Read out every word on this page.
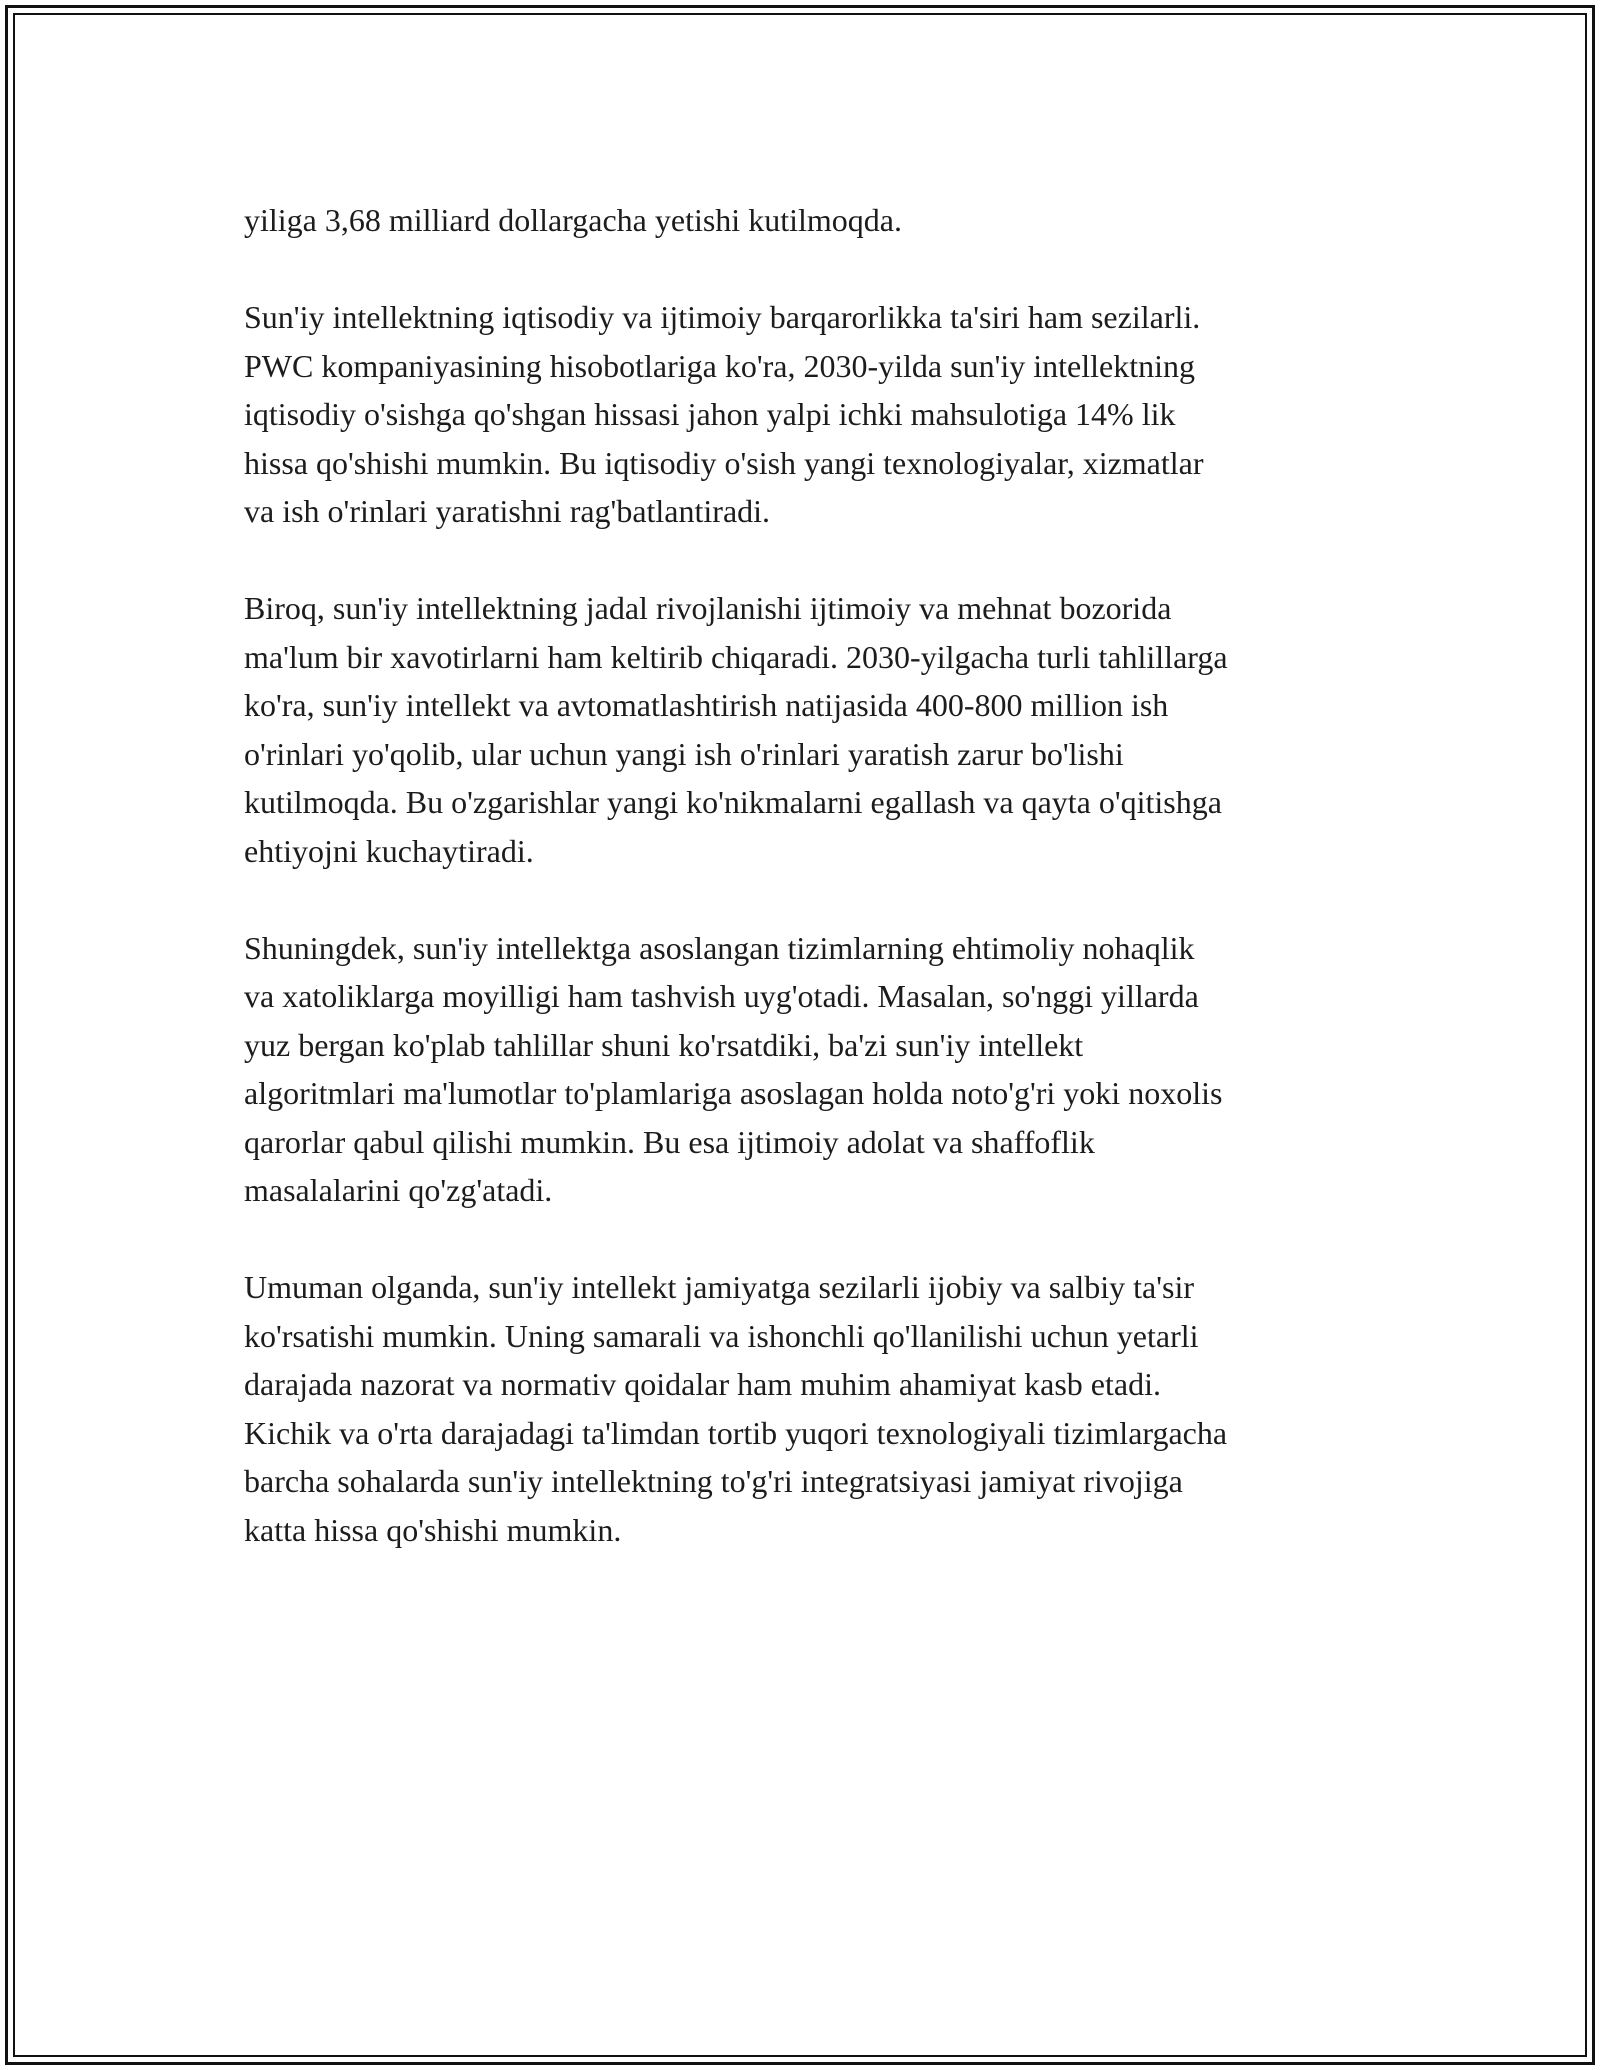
yiliga 3,68 milliard dollargacha yetishi kutilmoqda.

Sun'iy intellektning iqtisodiy va ijtimoiy barqarorlikka ta'siri ham sezilarli.
PWC kompaniyasining hisobotlariga ko'ra, 2030-yilda sun'iy intellektning
iqtisodiy o'sishga qo'shgan hissasi jahon yalpi ichki mahsulotiga 14% lik
hissa qo'shishi mumkin. Bu iqtisodiy o'sish yangi texnologiyalar, xizmatlar
va ish o'rinlari yaratishni rag'batlantiradi.

Biroq, sun'iy intellektning jadal rivojlanishi ijtimoiy va mehnat bozorida
ma'lum bir xavotirlarni ham keltirib chiqaradi. 2030-yilgacha turli tahlillarga
ko'ra, sun'iy intellekt va avtomatlashtirish natijasida 400-800 million ish
o'rinlari yo'qolib, ular uchun yangi ish o'rinlari yaratish zarur bo'lishi
kutilmoqda. Bu o'zgarishlar yangi ko'nikmalarni egallash va qayta o'qitishga
ehtiyojni kuchaytiradi.

Shuningdek, sun'iy intellektga asoslangan tizimlarning ehtimoliy nohaqlik
va xatoliklarga moyilligi ham tashvish uyg'otadi. Masalan, so'nggi yillarda
yuz bergan ko'plab tahlillar shuni ko'rsatdiki, ba'zi sun'iy intellekt
algoritmlari ma'lumotlar to'plamlariga asoslagan holda noto'g'ri yoki noxolis
qarorlar qabul qilishi mumkin. Bu esa ijtimoiy adolat va shaffoflik
masalalarini qo'zg'atadi.

Umuman olganda, sun'iy intellekt jamiyatga sezilarli ijobiy va salbiy ta'sir
ko'rsatishi mumkin. Uning samarali va ishonchli qo'llanilishi uchun yetarli
darajada nazorat va normativ qoidalar ham muhim ahamiyat kasb etadi.
Kichik va o'rta darajadagi ta'limdan tortib yuqori texnologiyali tizimlargacha
barcha sohalarda sun'iy intellektning to'g'ri integratsiyasi jamiyat rivojiga
katta hissa qo'shishi mumkin.
